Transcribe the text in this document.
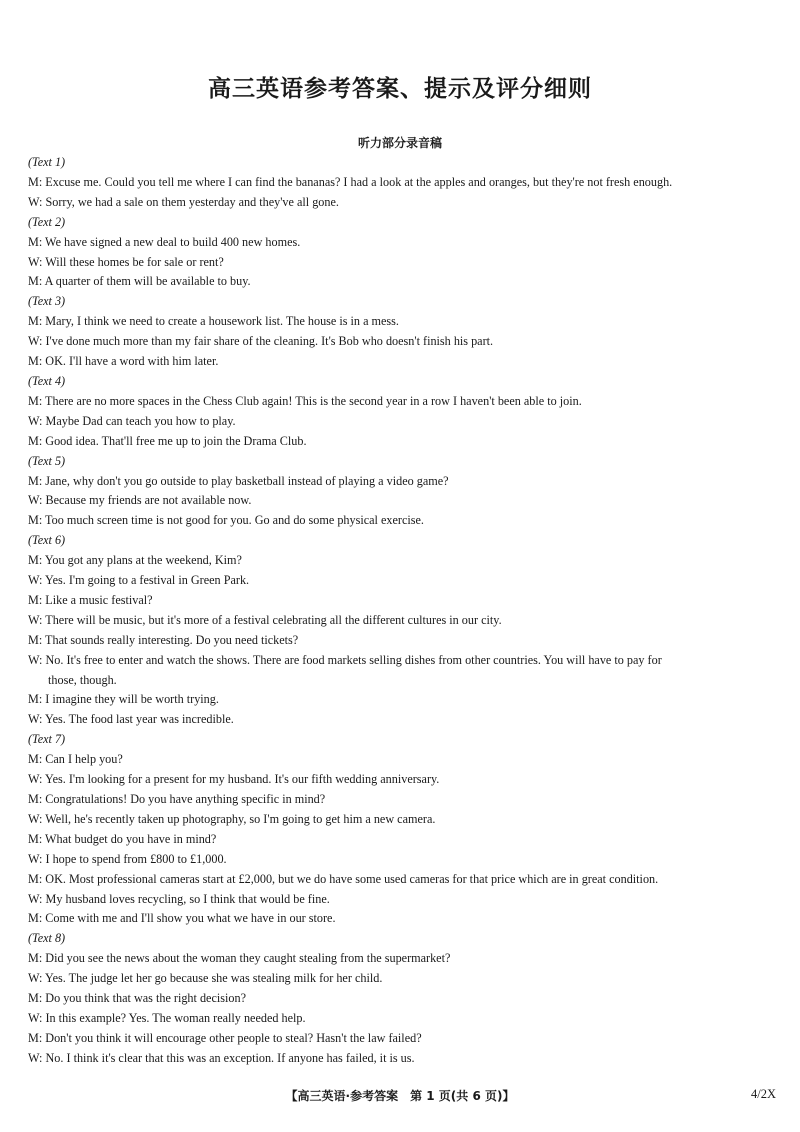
高三英语参考答案、提示及评分细则
听力部分录音稿
(Text 1)
M: Excuse me. Could you tell me where I can find the bananas? I had a look at the apples and oranges, but they're not fresh enough.
W: Sorry, we had a sale on them yesterday and they've all gone.
(Text 2)
M: We have signed a new deal to build 400 new homes.
W: Will these homes be for sale or rent?
M: A quarter of them will be available to buy.
(Text 3)
M: Mary, I think we need to create a housework list. The house is in a mess.
W: I've done much more than my fair share of the cleaning. It's Bob who doesn't finish his part.
M: OK. I'll have a word with him later.
(Text 4)
M: There are no more spaces in the Chess Club again! This is the second year in a row I haven't been able to join.
W: Maybe Dad can teach you how to play.
M: Good idea. That'll free me up to join the Drama Club.
(Text 5)
M: Jane, why don't you go outside to play basketball instead of playing a video game?
W: Because my friends are not available now.
M: Too much screen time is not good for you. Go and do some physical exercise.
(Text 6)
M: You got any plans at the weekend, Kim?
W: Yes. I'm going to a festival in Green Park.
M: Like a music festival?
W: There will be music, but it's more of a festival celebrating all the different cultures in our city.
M: That sounds really interesting. Do you need tickets?
W: No. It's free to enter and watch the shows. There are food markets selling dishes from other countries. You will have to pay for
those, though.
M: I imagine they will be worth trying.
W: Yes. The food last year was incredible.
(Text 7)
M: Can I help you?
W: Yes. I'm looking for a present for my husband. It's our fifth wedding anniversary.
M: Congratulations! Do you have anything specific in mind?
W: Well, he's recently taken up photography, so I'm going to get him a new camera.
M: What budget do you have in mind?
W: I hope to spend from £800 to £1,000.
M: OK. Most professional cameras start at £2,000, but we do have some used cameras for that price which are in great condition.
W: My husband loves recycling, so I think that would be fine.
M: Come with me and I'll show you what we have in our store.
(Text 8)
M: Did you see the news about the woman they caught stealing from the supermarket?
W: Yes. The judge let her go because she was stealing milk for her child.
M: Do you think that was the right decision?
W: In this example? Yes. The woman really needed help.
M: Don't you think it will encourage other people to steal? Hasn't the law failed?
W: No. I think it's clear that this was an exception. If anyone has failed, it is us.
【高三英语·参考答案　第 1 页(共 6 页)】	4/2X
